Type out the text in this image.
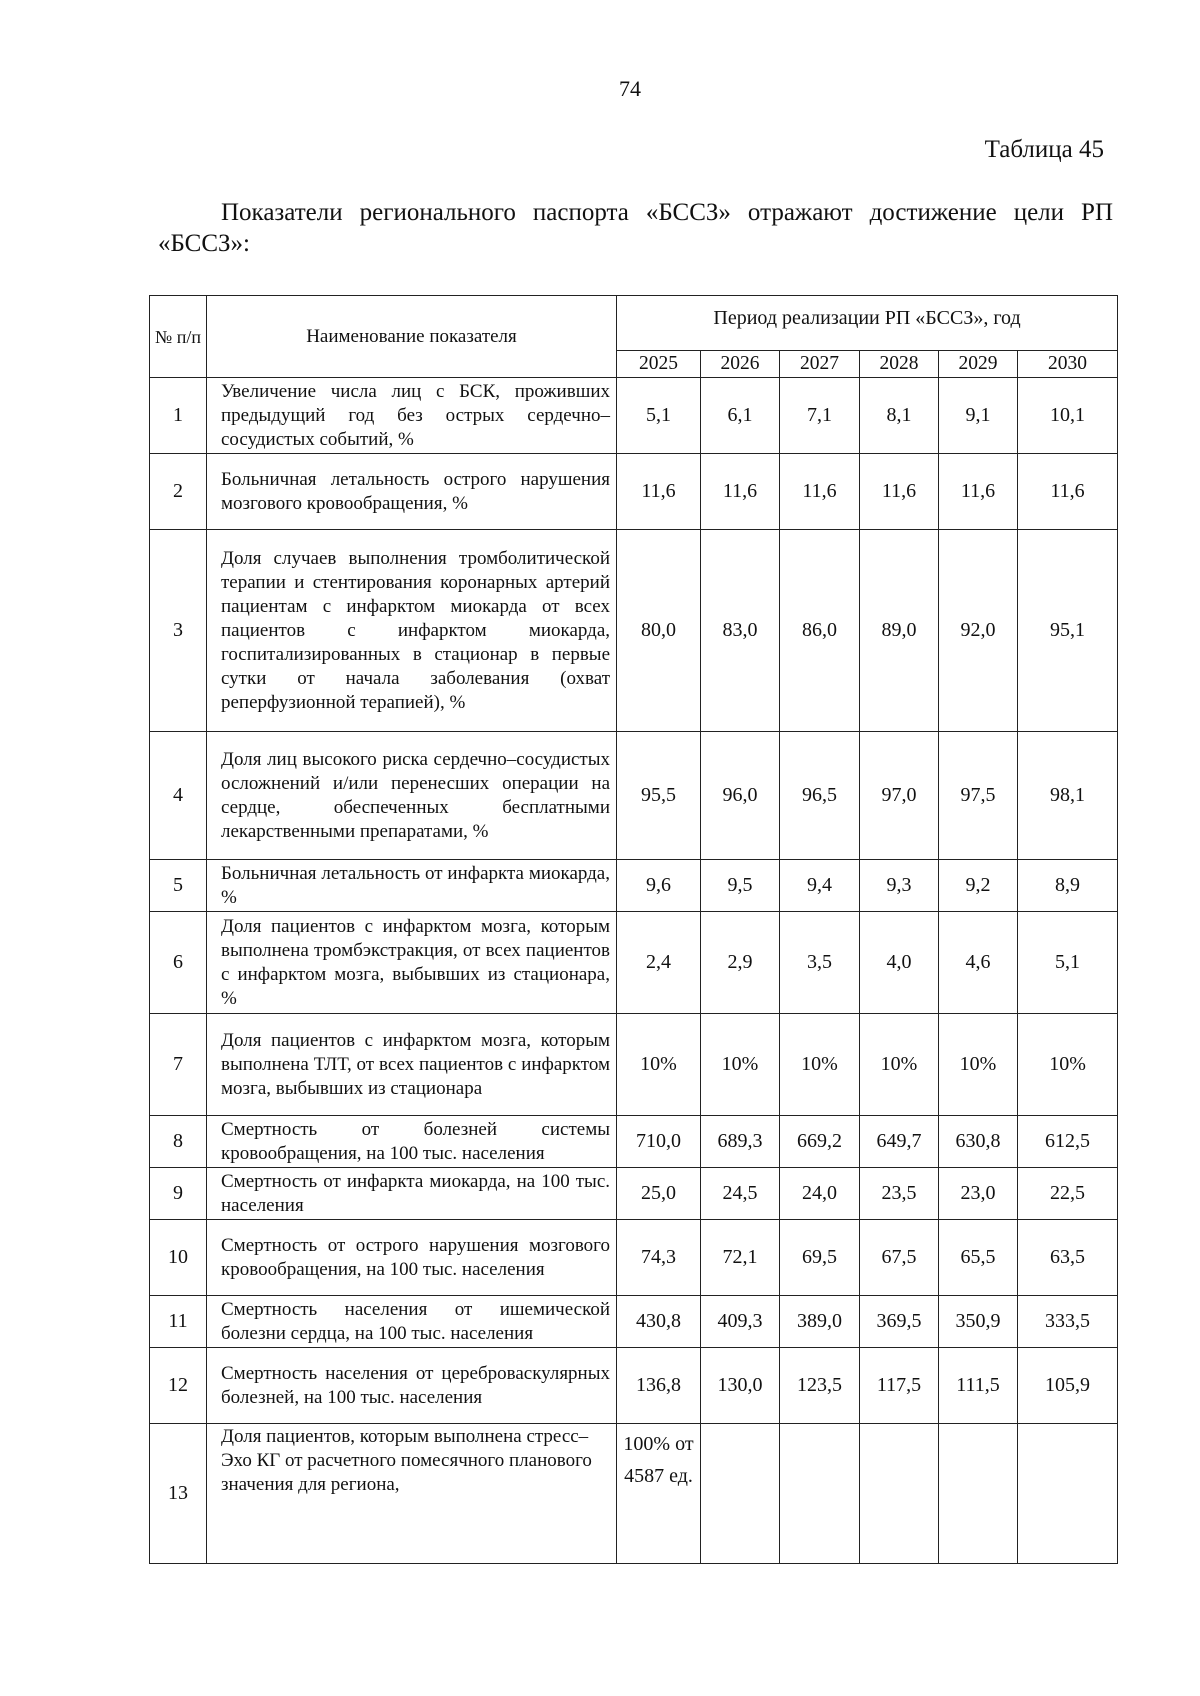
74
Таблица 45
Показатели регионального паспорта «БССЗ» отражают достижение цели РП «БССЗ»:
№ п/п	Наименование показателя	Период реализации РП «БССЗ», год					
		2025	2026	2027	2028	2029	2030
1	Увеличение числа лиц с БСК, проживших предыдущий год без острых сердечно–сосудистых событий, %	5,1	6,1	7,1	8,1	9,1	10,1
2	Больничная летальность острого нарушения мозгового кровообращения, %	11,6	11,6	11,6	11,6	11,6	11,6
3	Доля случаев выполнения тромболитической терапии и стентирования коронарных артерий пациентам с инфарктом миокарда от всех пациентов с инфарктом миокарда, госпитализированных в стационар в первые сутки от начала заболевания (охват реперфузионной терапией), %	80,0	83,0	86,0	89,0	92,0	95,1
4	Доля лиц высокого риска сердечно–сосудистых осложнений и/или перенесших операции на сердце, обеспеченных бесплатными лекарственными препаратами, %	95,5	96,0	96,5	97,0	97,5	98,1
5	Больничная летальность от инфаркта миокарда, %	9,6	9,5	9,4	9,3	9,2	8,9
6	Доля пациентов с инфарктом мозга, которым выполнена тромбэкстракция, от всех пациентов с инфарктом мозга, выбывших из стационара, %	2,4	2,9	3,5	4,0	4,6	5,1
7	Доля пациентов с инфарктом мозга, которым выполнена ТЛТ, от всех пациентов с инфарктом мозга, выбывших из стационара	10%	10%	10%	10%	10%	10%
8	Смертность от болезней системы кровообращения, на 100 тыс. населения	710,0	689,3	669,2	649,7	630,8	612,5
9	Смертность от инфаркта миокарда, на 100 тыс. населения	25,0	24,5	24,0	23,5	23,0	22,5
10	Смертность от острого нарушения мозгового кровообращения, на 100 тыс. населения	74,3	72,1	69,5	67,5	65,5	63,5
11	Смертность населения от ишемической болезни сердца, на 100 тыс. населения	430,8	409,3	389,0	369,5	350,9	333,5
12	Смертность населения от цереброваскулярных болезней, на 100 тыс. населения	136,8	130,0	123,5	117,5	111,5	105,9
13	Доля пациентов, которым выполнена стресс– Эхо КГ от расчетного помесячного планового значения для региона,	100% от 4587 ед.					
